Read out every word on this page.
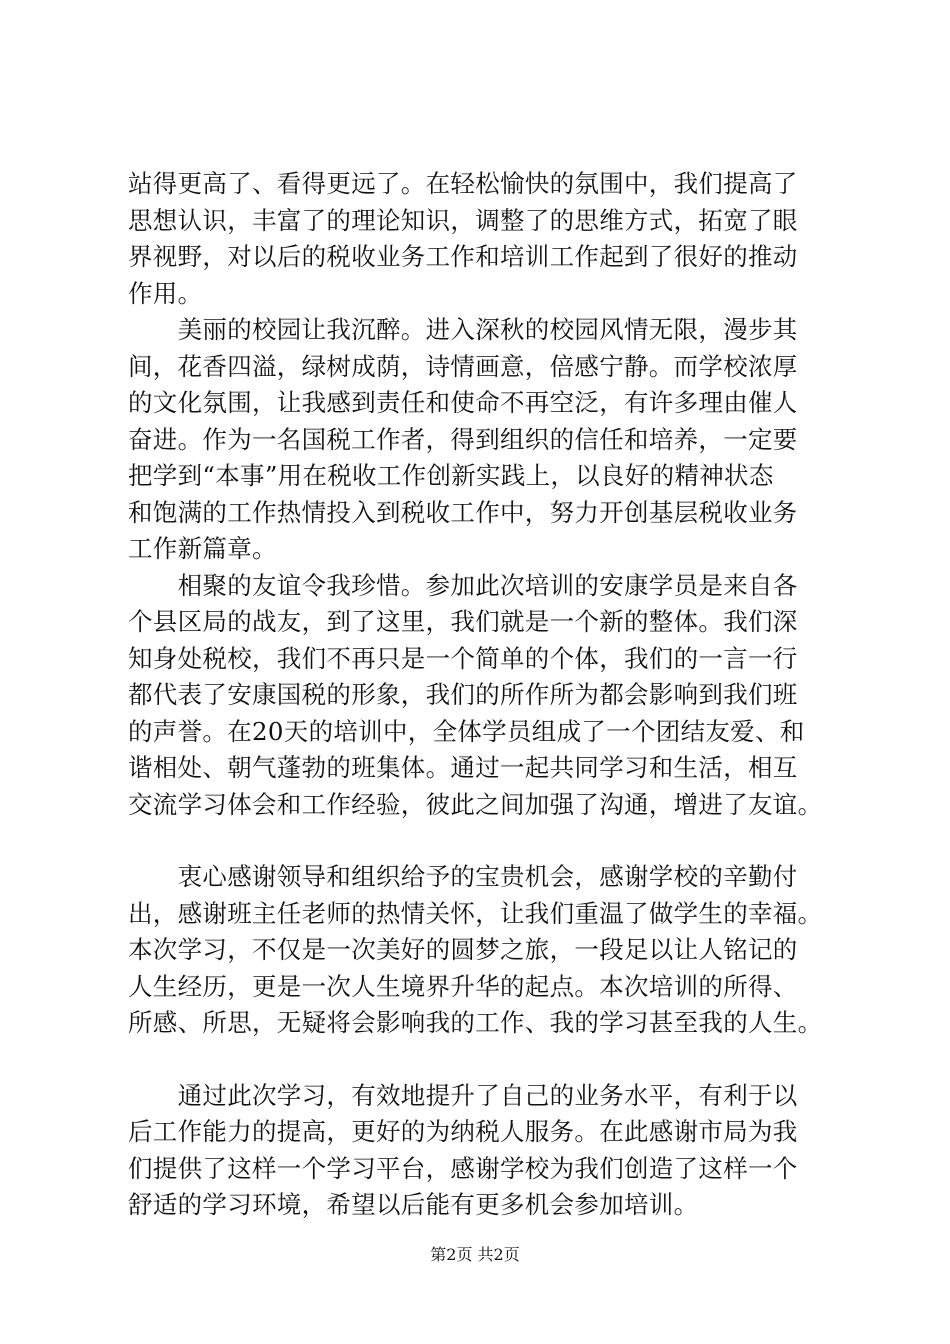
站得更高了、看得更远了。在轻松愉快的氛围中，我们提高了

思想认识，丰富了的理论知识，调整了的思维方式，拓宽了眼

界视野，对以后的税收业务工作和培训工作起到了很好的推动

作用。

　　美丽的校园让我沉醉。进入深秋的校园风情无限，漫步其

间，花香四溢，绿树成荫，诗情画意，倍感宁静。而学校浓厚

的文化氛围，让我感到责任和使命不再空泛，有许多理由催人

奋进。作为一名国税工作者，得到组织的信任和培养，一定要

把学到“本事”用在税收工作创新实践上，以良好的精神状态

和饱满的工作热情投入到税收工作中，努力开创基层税收业务

工作新篇章。

　　相聚的友谊令我珍惜。参加此次培训的安康学员是来自各

个县区局的战友，到了这里，我们就是一个新的整体。我们深

知身处税校，我们不再只是一个简单的个体，我们的一言一行

都代表了安康国税的形象，我们的所作所为都会影响到我们班

的声誉。在20天的培训中，全体学员组成了一个团结友爱、和

谐相处、朝气蓬勃的班集体。通过一起共同学习和生活，相互

交流学习体会和工作经验，彼此之间加强了沟通，增进了友谊。

　　衷心感谢领导和组织给予的宝贵机会，感谢学校的辛勤付

出，感谢班主任老师的热情关怀，让我们重温了做学生的幸福。

本次学习，不仅是一次美好的圆梦之旅，一段足以让人铭记的

人生经历，更是一次人生境界升华的起点。本次培训的所得、

所感、所思，无疑将会影响我的工作、我的学习甚至我的人生。

　　通过此次学习，有效地提升了自己的业务水平，有利于以

后工作能力的提高，更好的为纳税人服务。在此感谢市局为我

们提供了这样一个学习平台，感谢学校为我们创造了这样一个

舒适的学习环境，希望以后能有更多机会参加培训。

第2页 共2页
